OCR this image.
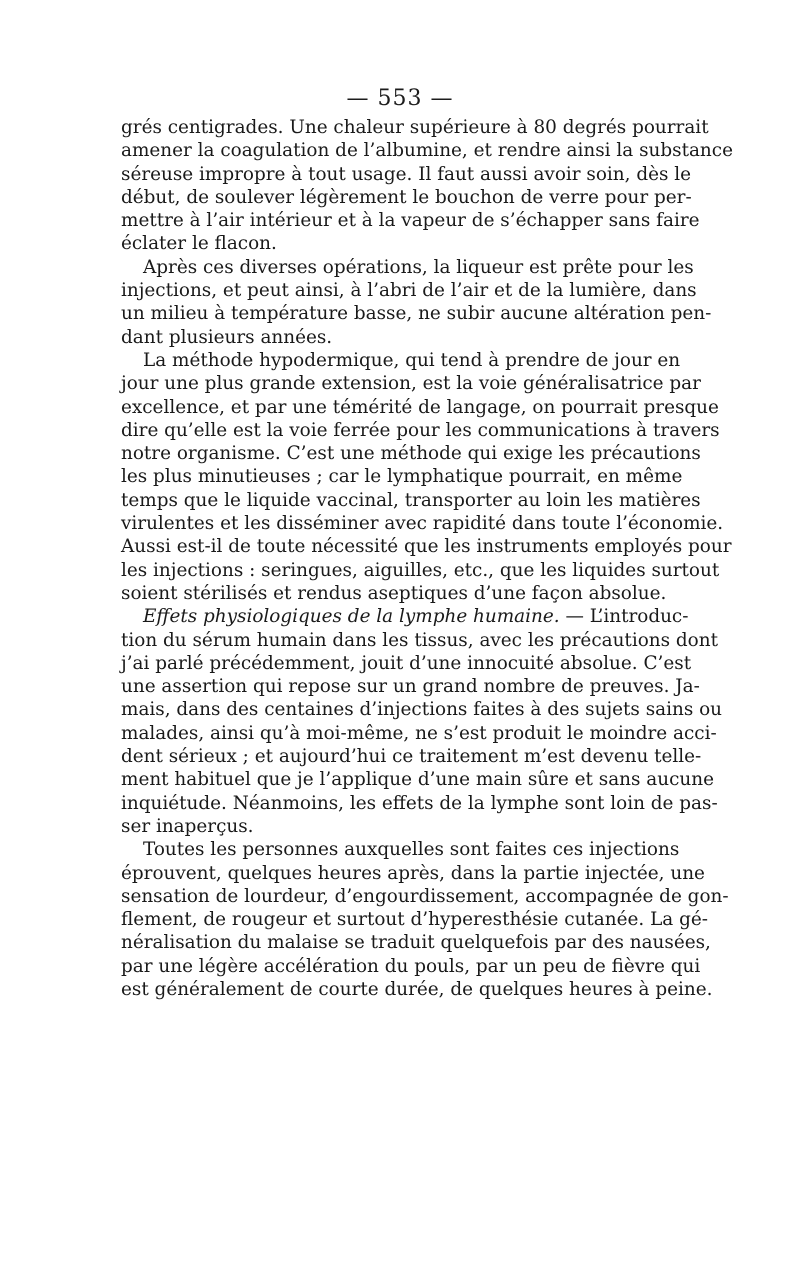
— 553 —
grés centigrades. Une chaleur supérieure à 80 degrés pourrait
amener la coagulation de l’albumine, et rendre ainsi la substance
séreuse impropre à tout usage. Il faut aussi avoir soin, dès le
début, de soulever légèrement le bouchon de verre pour per-
mettre à l’air intérieur et à la vapeur de s’échapper sans faire
éclater le flacon.
Après ces diverses opérations, la liqueur est prête pour les
injections, et peut ainsi, à l’abri de l’air et de la lumière, dans
un milieu à température basse, ne subir aucune altération pen-
dant plusieurs années.
La méthode hypodermique, qui tend à prendre de jour en
jour une plus grande extension, est la voie généralisatrice par
excellence, et par une témérité de langage, on pourrait presque
dire qu’elle est la voie ferrée pour les communications à travers
notre organisme. C’est une méthode qui exige les précautions
les plus minutieuses ; car le lymphatique pourrait, en même
temps que le liquide vaccinal, transporter au loin les matières
virulentes et les disséminer avec rapidité dans toute l’économie.
Aussi est-il de toute nécessité que les instruments employés pour
les injections : seringues, aiguilles, etc., que les liquides surtout
soient stérilisés et rendus aseptiques d’une façon absolue.
Effets physiologiques de la lymphe humaine. — L’introduc-
tion du sérum humain dans les tissus, avec les précautions dont
j’ai parlé précédemment, jouit d’une innocuité absolue. C’est
une assertion qui repose sur un grand nombre de preuves. Ja-
mais, dans des centaines d’injections faites à des sujets sains ou
malades, ainsi qu’à moi-même, ne s’est produit le moindre acci-
dent sérieux ; et aujourd’hui ce traitement m’est devenu telle-
ment habituel que je l’applique d’une main sûre et sans aucune
inquiétude. Néanmoins, les effets de la lymphe sont loin de pas-
ser inaperçus.
Toutes les personnes auxquelles sont faites ces injections
éprouvent, quelques heures après, dans la partie injectée, une
sensation de lourdeur, d’engourdissement, accompagnée de gon-
flement, de rougeur et surtout d’hyperesthésie cutanée. La gé-
néralisation du malaise se traduit quelquefois par des nausées,
par une légère accélération du pouls, par un peu de fièvre qui
est généralement de courte durée, de quelques heures à peine.
